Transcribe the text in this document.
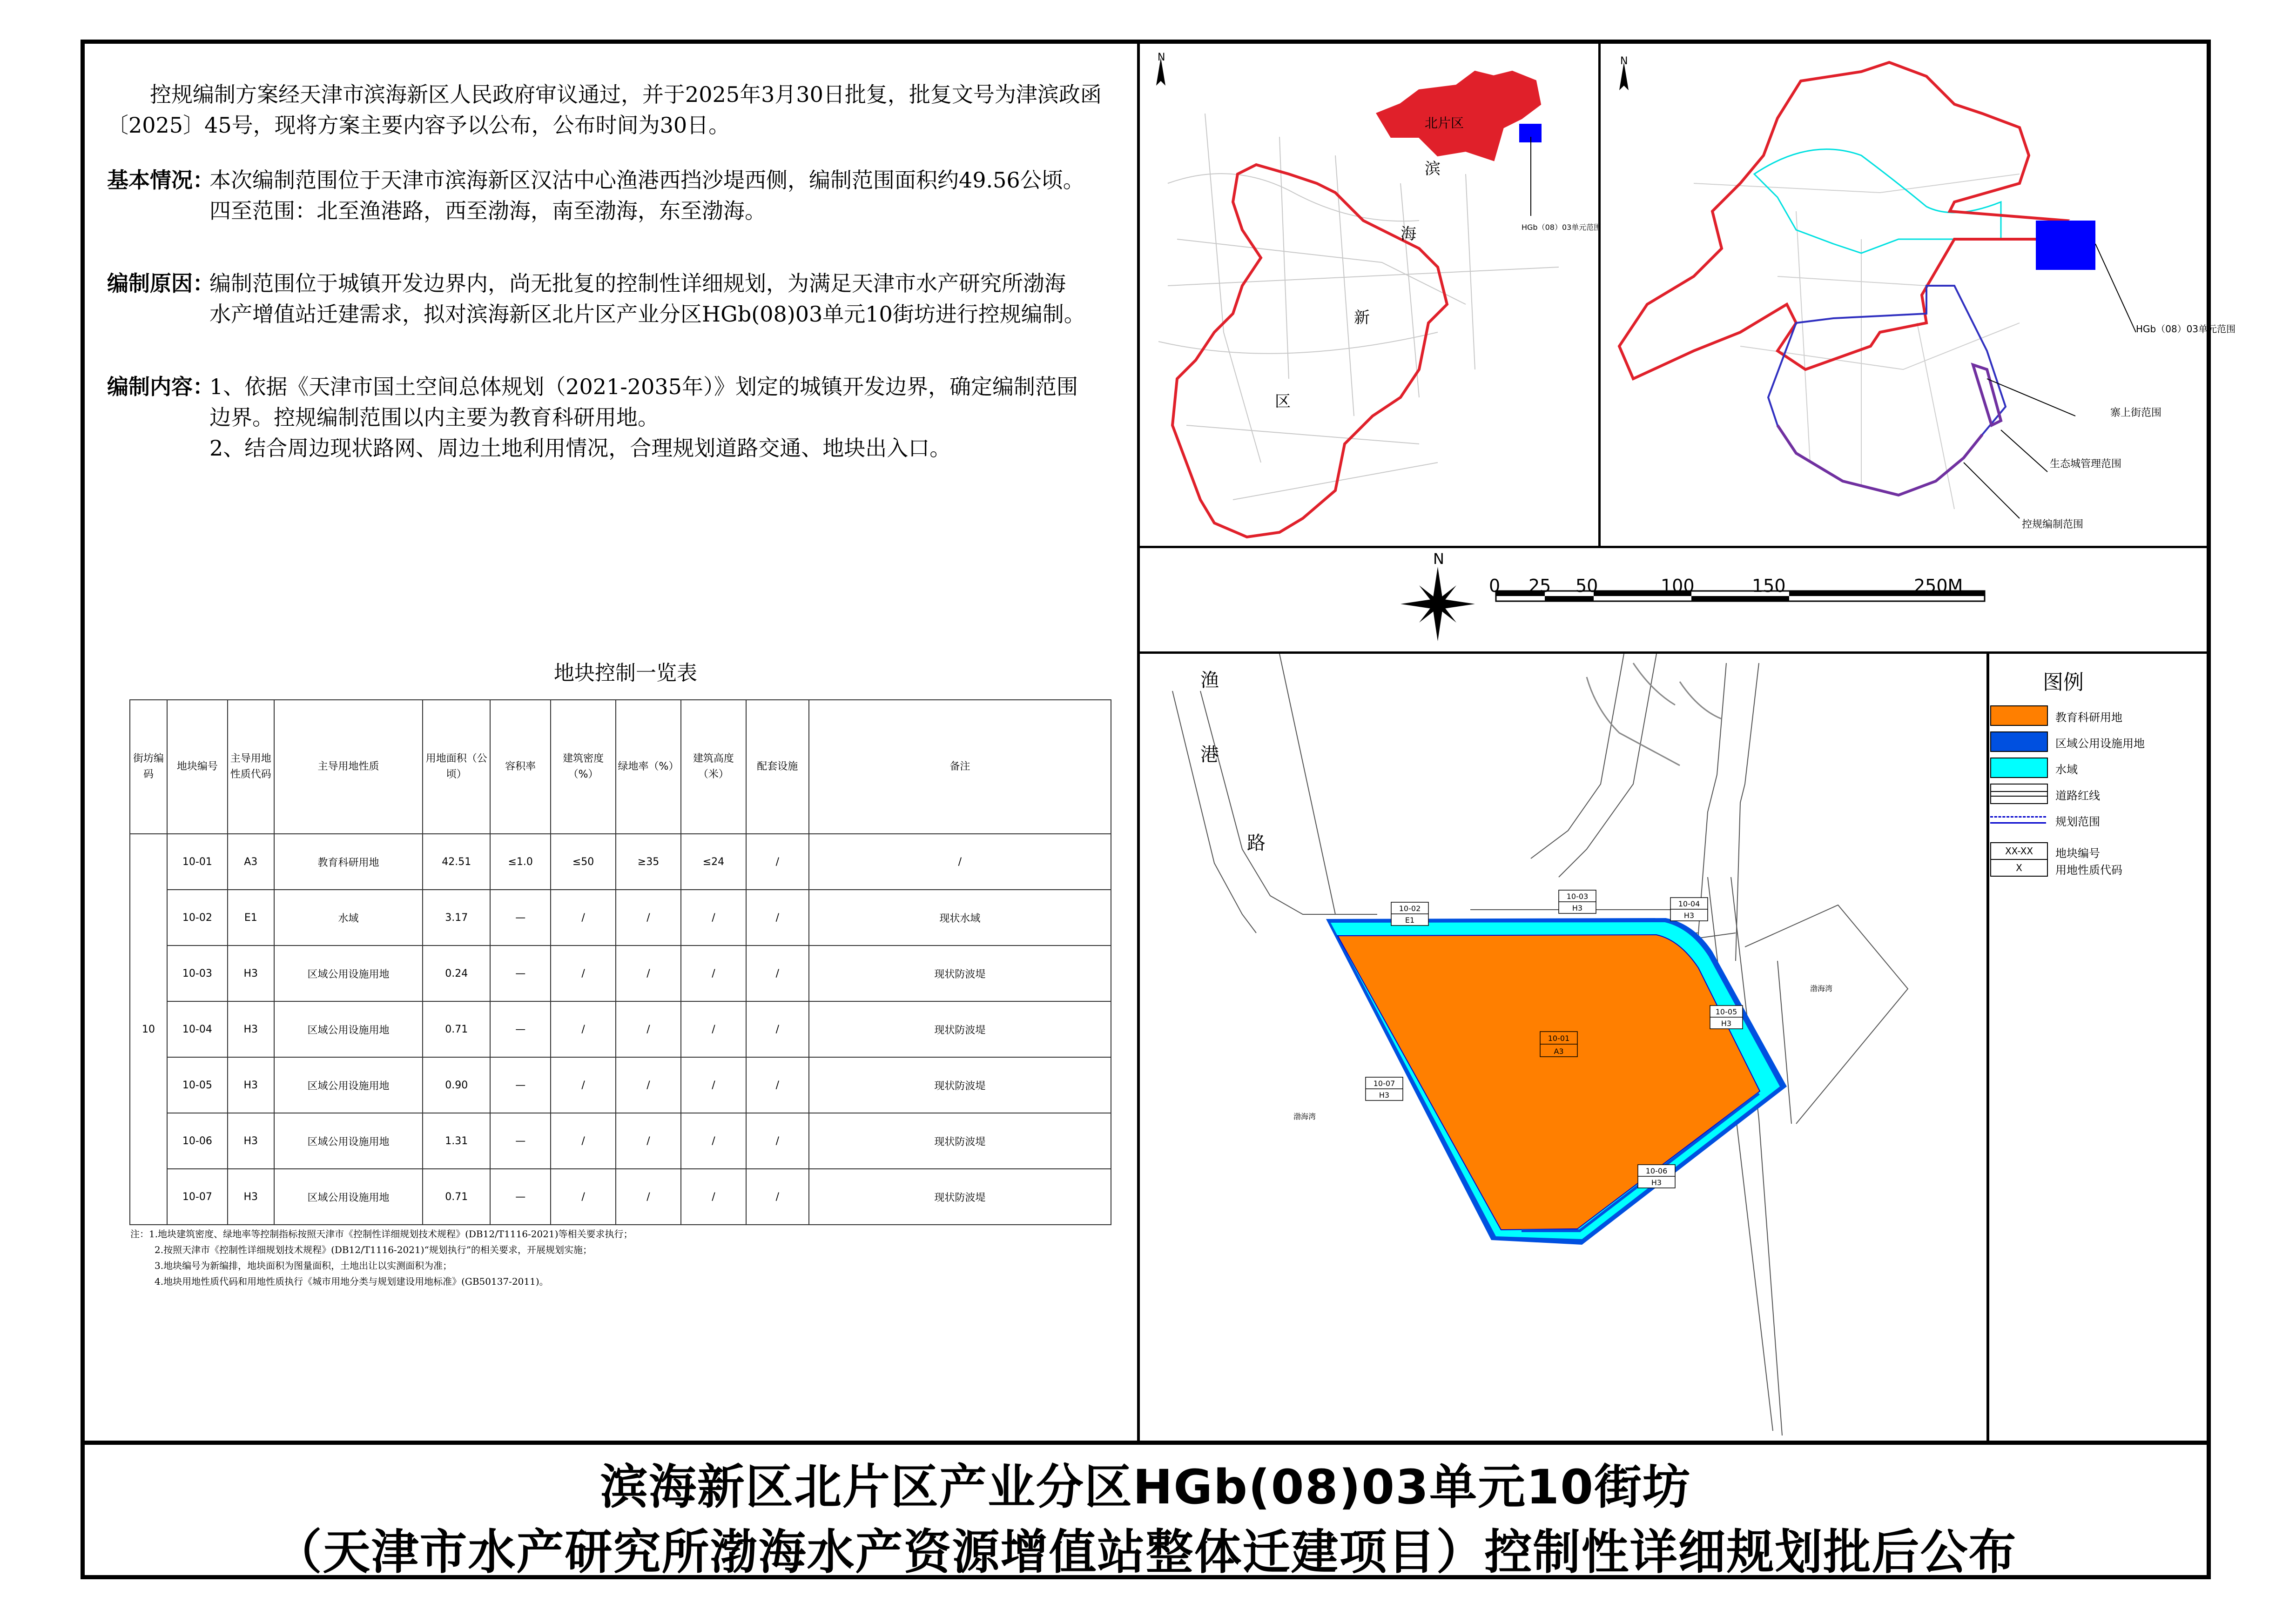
控规编制方案经天津市滨海新区人民政府审议通过，并于2025年3月30日批复，批复文号为津滨政函〔2025〕45号，现将方案主要内容予以公布，公布时间为30日。
基本情况：
本次编制范围位于天津市滨海新区汉沽中心渔港西挡沙堤西侧，编制范围面积约49.56公顷。
四至范围：北至渔港路，西至渤海，南至渤海，东至渤海。
编制原因：
编制范围位于城镇开发边界内，尚无批复的控制性详细规划，为满足天津市水产研究所渤海
水产增值站迁建需求，拟对滨海新区北片区产业分区HGb(08)03单元10街坊进行控规编制。
编制内容：
1、依据《天津市国土空间总体规划（2021-2035年）》划定的城镇开发边界，确定编制范围
边界。控规编制范围以内主要为教育科研用地。
2、结合周边现状路网、周边土地利用情况，合理规划道路交通、地块出入口。
地块控制一览表
街坊编码	地块编号	主导用地性质代码	主导用地性质	用地面积（公顷）	容积率	建筑密度（%）	绿地率（%）	建筑高度（米）	配套设施	备注
10	10-01	A3	教育科研用地	42.51	≤1.0	≤50	≥35	≤24	/	/
	10-02	E1	水域	3.17	—	/	/	/	/	现状水域
	10-03	H3	区域公用设施用地	0.24	—	/	/	/	/	现状防波堤
	10-04	H3	区域公用设施用地	0.71	—	/	/	/	/	现状防波堤
	10-05	H3	区域公用设施用地	0.90	—	/	/	/	/	现状防波堤
	10-06	H3	区域公用设施用地	1.31	—	/	/	/	/	现状防波堤
	10-07	H3	区域公用设施用地	0.71	—	/	/	/	/	现状防波堤
注：1.地块建筑密度、绿地率等控制指标按照天津市《控制性详细规划技术规程》(DB12/T1116-2021)等相关要求执行；
2.按照天津市《控制性详细规划技术规程》(DB12/T1116-2021)“规划执行”的相关要求，开展规划实施；
3.地块编号为新编排，地块面积为图量面积，土地出让以实测面积为准；
4.地块用地性质代码和用地性质执行《城市用地分类与规划建设用地标准》(GB50137-2011)。
北片区
滨
海
新
区
HGb（08）03单元范围
N
HGb（08）03单元范围
寨上街范围
生态城管理范围
控规编制范围
N
N
0 25 50	100	150	250M
10-01
A3
10-02
E1
10-03
H3	10-04
H3
10-05
H3
10-06
H3
10-07
H3
渔
港
路
渤海湾
渤海湾
图例
教育科研用地
区域公用设施用地
水域
道路红线
规划范围
XX-XX
X
地块编号
用地性质代码
滨海新区北片区产业分区HGb(08)03单元10街坊
（天津市水产研究所渤海水产资源增值站整体迁建项目）控制性详细规划批后公布
